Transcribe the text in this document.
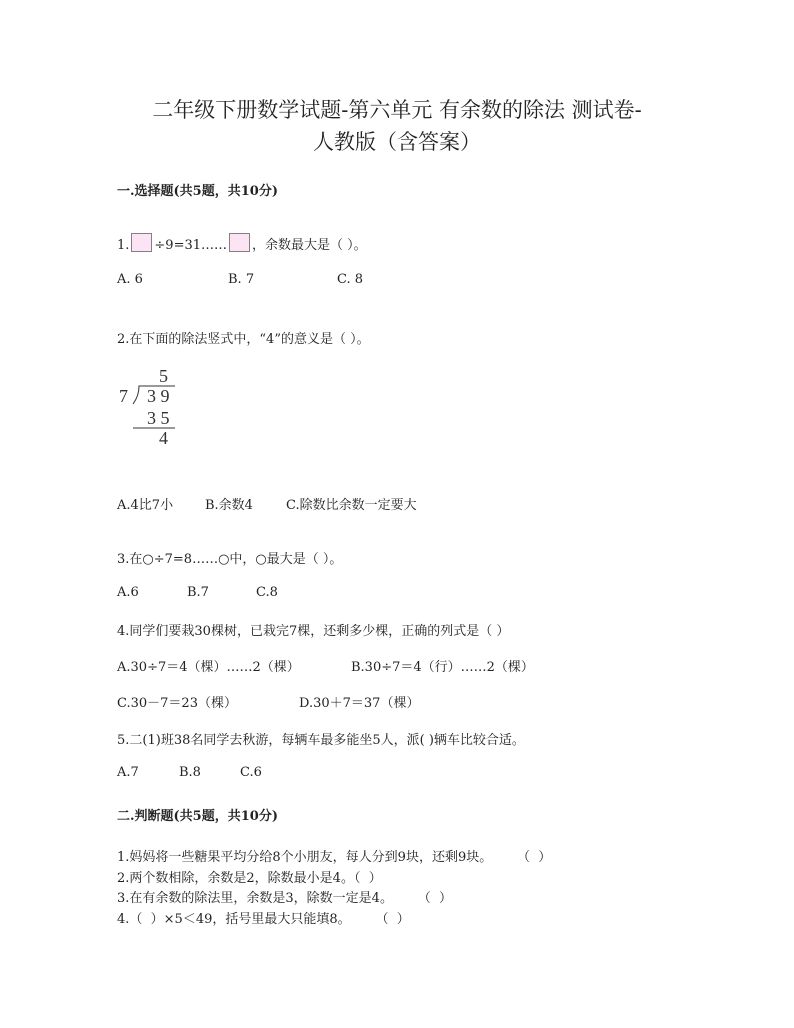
二年级下册数学试题-第六单元 有余数的除法 测试卷-
人教版（含答案）
一.选择题(共5题，共10分)
1. ÷9=31…… ，余数最大是（ ）。
A. 6	B. 7	C. 8
2.在下面的除法竖式中，“4”的意义是（ ）。
5
7 3 9
3 5
4
A.4比7小 B.余数4	C.除数比余数一定要大
3.在○÷7=8……○中，○最大是（ ）。
A.6	B.7	C.8
4.同学们要栽30棵树，已栽完7棵，还剩多少棵，正确的列式是（ ）
A.30÷7＝4（棵）……2（棵）	B.30÷7＝4（行）……2（棵）
C.30－7＝23（棵）	D.30＋7＝37（棵）
5.二(1)班38名同学去秋游，每辆车最多能坐5人，派( )辆车比较合适。
A.7	B.8	C.6
二.判断题(共5题，共10分)
1.妈妈将一些糖果平均分给8个小朋友，每人分到9块，还剩9块。      （  ）
2.两个数相除，余数是2，除数最小是4。（  ）
3.在有余数的除法里，余数是3，除数一定是4。      （  ）
4.（  ）×5＜49，括号里最大只能填8。      （  ）
